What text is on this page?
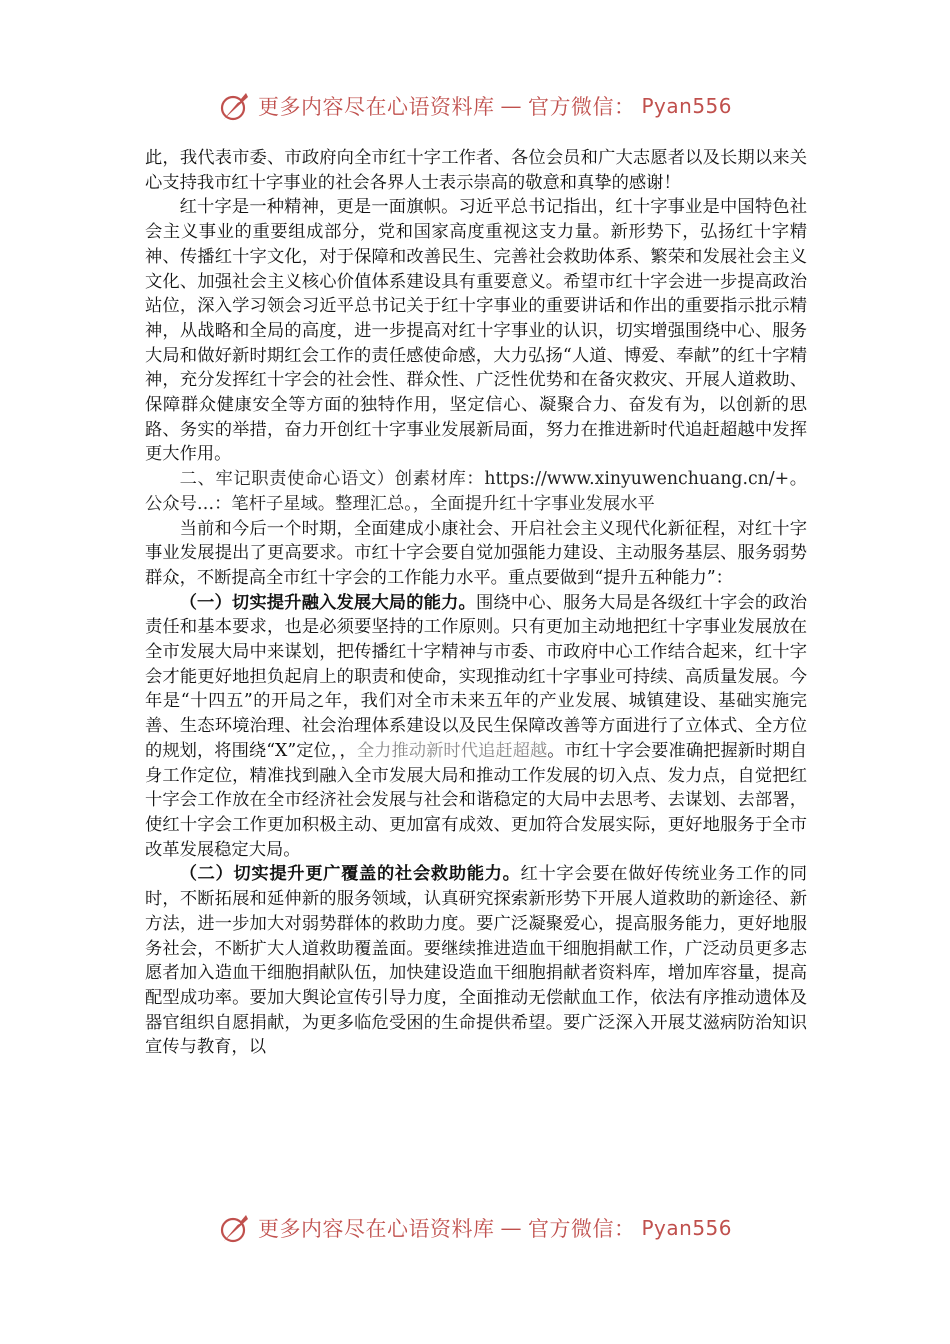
更多内容尽在心语资料库 — 官方微信： Pyan556

此，我代表市委、市政府向全市红十字工作者、各位会员和广大志愿者以及长期以来关心支持我市红十字事业的社会各界人士表示崇高的敬意和真挚的感谢！

红十字是一种精神，更是一面旗帜。习近平总书记指出，红十字事业是中国特色社会主义事业的重要组成部分，党和国家高度重视这支力量。新形势下，弘扬红十字精神、传播红十字文化，对于保障和改善民生、完善社会救助体系、繁荣和发展社会主义文化、加强社会主义核心价值体系建设具有重要意义。希望市红十字会进一步提高政治站位，深入学习领会习近平总书记关于红十字事业的重要讲话和作出的重要指示批示精神，从战略和全局的高度，进一步提高对红十字事业的认识，切实增强围绕中心、服务大局和做好新时期红会工作的责任感使命感，大力弘扬“人道、博爱、奉献”的红十字精神，充分发挥红十字会的社会性、群众性、广泛性优势和在备灾救灾、开展人道救助、保障群众健康安全等方面的独特作用，坚定信心、凝聚合力、奋发有为，以创新的思路、务实的举措，奋力开创红十字事业发展新局面，努力在推进新时代追赶超越中发挥更大作用。

二、牢记职责使命心语文）创素材库：https://www.xinyuwenchuang.cn/+。公众号…：笔杆子星域。整理汇总。，全面提升红十字事业发展水平

当前和今后一个时期，全面建成小康社会、开启社会主义现代化新征程，对红十字事业发展提出了更高要求。市红十字会要自觉加强能力建设、主动服务基层、服务弱势群众，不断提高全市红十字会的工作能力水平。重点要做到“提升五种能力”：

（一）切实提升融入发展大局的能力。围绕中心、服务大局是各级红十字会的政治责任和基本要求，也是必须要坚持的工作原则。只有更加主动地把红十字事业发展放在全市发展大局中来谋划，把传播红十字精神与市委、市政府中心工作结合起来，红十字会才能更好地担负起肩上的职责和使命，实现推动红十字事业可持续、高质量发展。今年是“十四五”的开局之年，我们对全市未来五年的产业发展、城镇建设、基础实施完善、生态环境治理、社会治理体系建设以及民生保障改善等方面进行了立体式、全方位的规划，将围绕“X”定位，，全力推动新时代追赶超越。市红十字会要准确把握新时期自身工作定位，精准找到融入全市发展大局和推动工作发展的切入点、发力点，自觉把红十字会工作放在全市经济社会发展与社会和谐稳定的大局中去思考、去谋划、去部署，使红十字会工作更加积极主动、更加富有成效、更加符合发展实际，更好地服务于全市改革发展稳定大局。

（二）切实提升更广覆盖的社会救助能力。红十字会要在做好传统业务工作的同时，不断拓展和延伸新的服务领域，认真研究探索新形势下开展人道救助的新途径、新方法，进一步加大对弱势群体的救助力度。要广泛凝聚爱心，提高服务能力，更好地服务社会，不断扩大人道救助覆盖面。要继续推进造血干细胞捐献工作，广泛动员更多志愿者加入造血干细胞捐献队伍，加快建设造血干细胞捐献者资料库，增加库容量，提高配型成功率。要加大舆论宣传引导力度，全面推动无偿献血工作，依法有序推动遗体及器官组织自愿捐献，为更多临危受困的生命提供希望。要广泛深入开展艾滋病防治知识宣传与教育，以

更多内容尽在心语资料库 — 官方微信： Pyan556
